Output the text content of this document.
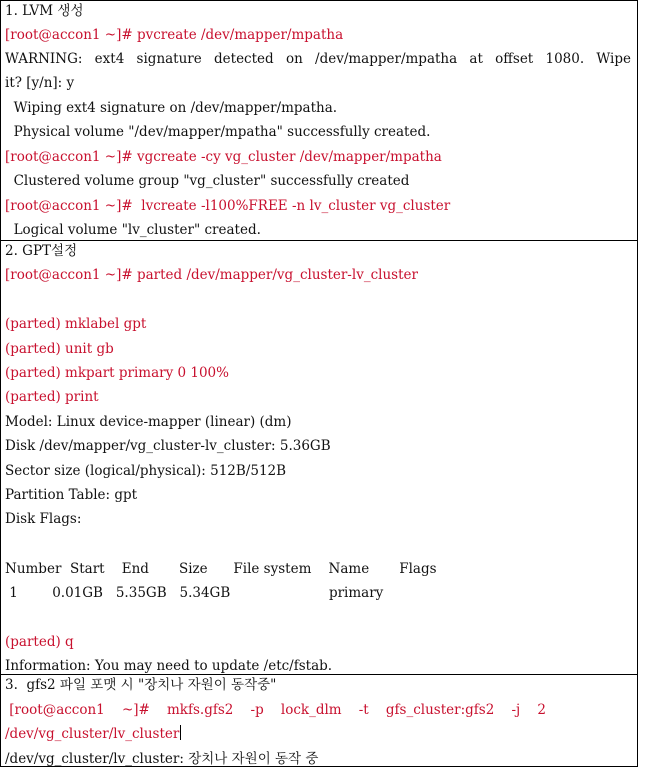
1. LVM 생성
[root@accon1 ~]# pvcreate /dev/mapper/mpatha
WARNING: ext4 signature detected on /dev/mapper/mpatha at offset 1080. Wipe
it? [y/n]: y
Wiping ext4 signature on /dev/mapper/mpatha.
Physical volume "/dev/mapper/mpatha" successfully created.
[root@accon1 ~]# vgcreate -cy vg_cluster /dev/mapper/mpatha
Clustered volume group "vg_cluster" successfully created
[root@accon1 ~]#  lvcreate -l100%FREE -n lv_cluster vg_cluster
Logical volume "lv_cluster" created.
2. GPT설정
[root@accon1 ~]# parted /dev/mapper/vg_cluster-lv_cluster
(parted) mklabel gpt
(parted) unit gb
(parted) mkpart primary 0 100%
(parted) print
Model: Linux device-mapper (linear) (dm)
Disk /dev/mapper/vg_cluster-lv_cluster: 5.36GB
Sector size (logical/physical): 512B/512B
Partition Table: gpt
Disk Flags:
Number  Start    End       Size      File system    Name       Flags
1        0.01GB   5.35GB   5.34GB                       primary
(parted) q
Information: You may need to update /etc/fstab.
3.  gfs2 파일 포맷 시 "장치나 자원이 동작중"
[root@accon1    ~]#    mkfs.gfs2    -p    lock_dlm    -t    gfs_cluster:gfs2    -j    2
/dev/vg_cluster/lv_cluster
/dev/vg_cluster/lv_cluster: 장치나 자원이 동작 중
